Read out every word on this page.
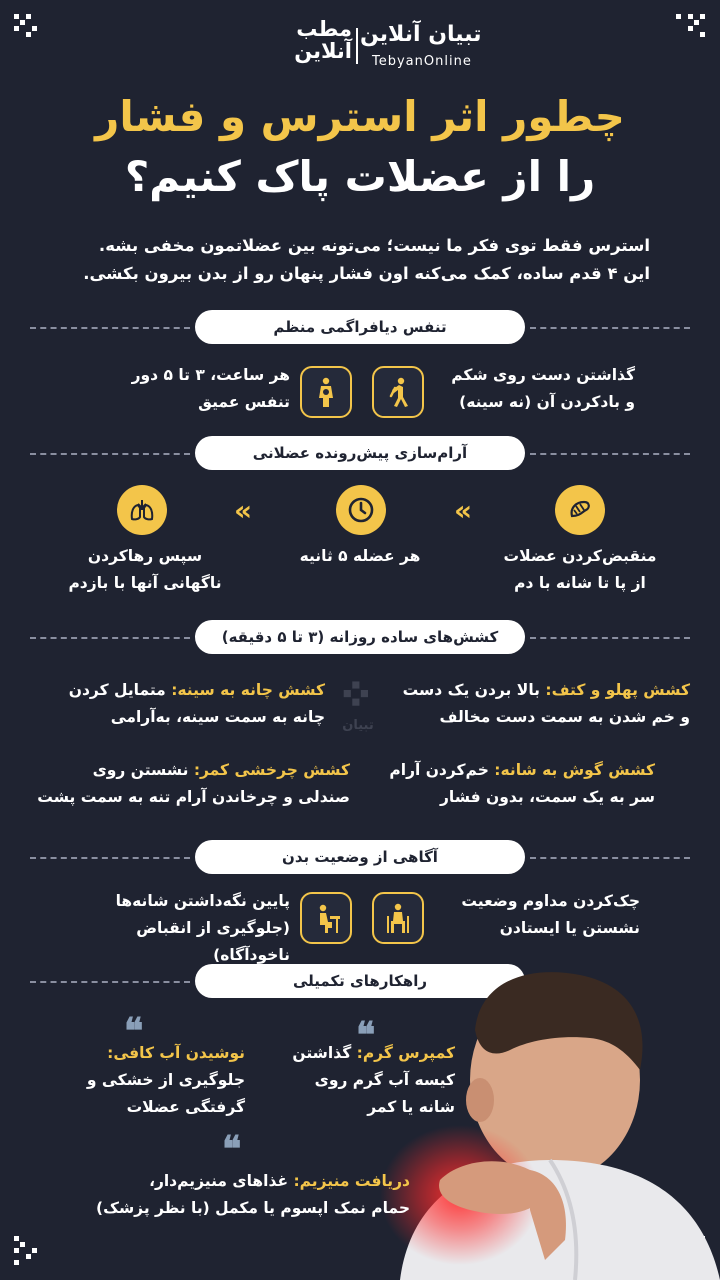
تبیان آنلاین
TebyanOnline
مطب
آنلاین
چطور اثر استرس و فشار
را از عضلات پاک کنیم؟
استرس فقط توی فکر ما نیست؛ می‌تونه بین عضلاتمون مخفی بشه.
این ۴ قدم ساده، کمک می‌کنه اون فشار پنهان رو از بدن بیرون بکشی.
تنفس دیافراگمی منظم
گذاشتن دست روی شکم
و بادکردن آن (نه سینه)
هر ساعت، ۳ تا ۵ دور
تنفس عمیق
آرام‌سازی پیش‌رونده عضلانی
«
«
منقبض‌کردن عضلات
از پا تا شانه با دم
هر عضله ۵ ثانیه
سپس رهاکردن
ناگهانی آنها با بازدم
کشش‌های ساده روزانه (۳ تا ۵ دقیقه)
تبیان
کشش پهلو و کتف: بالا بردن یک دست
و خم شدن به سمت دست مخالف
کشش چانه به سینه: متمایل کردن
چانه به سمت سینه، به‌آرامی
کشش گوش به شانه: خم‌کردن آرام
سر به یک سمت، بدون فشار
کشش چرخشی کمر: نشستن روی
صندلی و چرخاندن آرام تنه به سمت پشت
آگاهی از وضعیت بدن
چک‌کردن مداوم وضعیت
نشستن یا ایستادن
پایین نگه‌داشتن شانه‌ها
(جلوگیری از انقباض ناخودآگاه)
راهکارهای تکمیلی
❝
❝
کمپرس گرم: گذاشتن
کیسه آب گرم روی
شانه یا کمر
نوشیدن آب کافی:
جلوگیری از خشکی و
گرفتگی عضلات
❝
دریافت منیزیم: غذاهای منیزیم‌دار،
حمام نمک اپسوم یا مکمل (با نظر پزشک)
